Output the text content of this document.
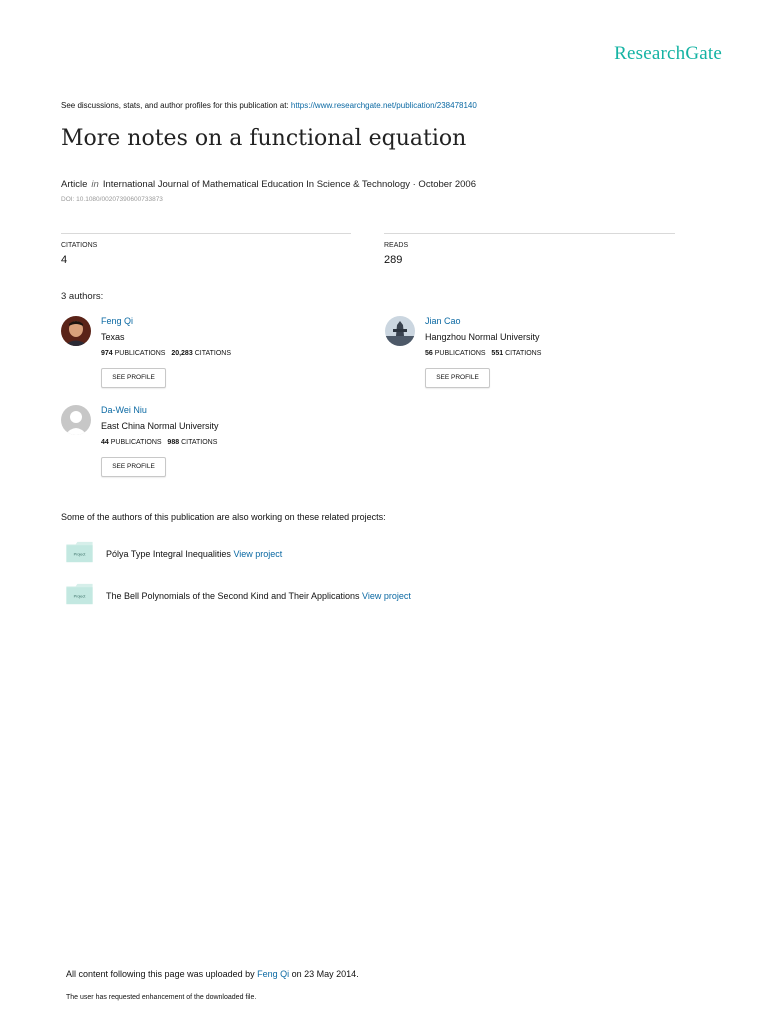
ResearchGate
See discussions, stats, and author profiles for this publication at: https://www.researchgate.net/publication/238478140
More notes on a functional equation
Article in International Journal of Mathematical Education In Science & Technology · October 2006
DOI: 10.1080/00207390600733873
CITATIONS
4
READS
289
3 authors:
Feng Qi
Texas
974 PUBLICATIONS 20,283 CITATIONS
SEE PROFILE
Jian Cao
Hangzhou Normal University
56 PUBLICATIONS 551 CITATIONS
SEE PROFILE
Da-Wei Niu
East China Normal University
44 PUBLICATIONS 988 CITATIONS
SEE PROFILE
Some of the authors of this publication are also working on these related projects:
Project Pólya Type Integral Inequalities View project
Project The Bell Polynomials of the Second Kind and Their Applications View project
All content following this page was uploaded by Feng Qi on 23 May 2014.
The user has requested enhancement of the downloaded file.
